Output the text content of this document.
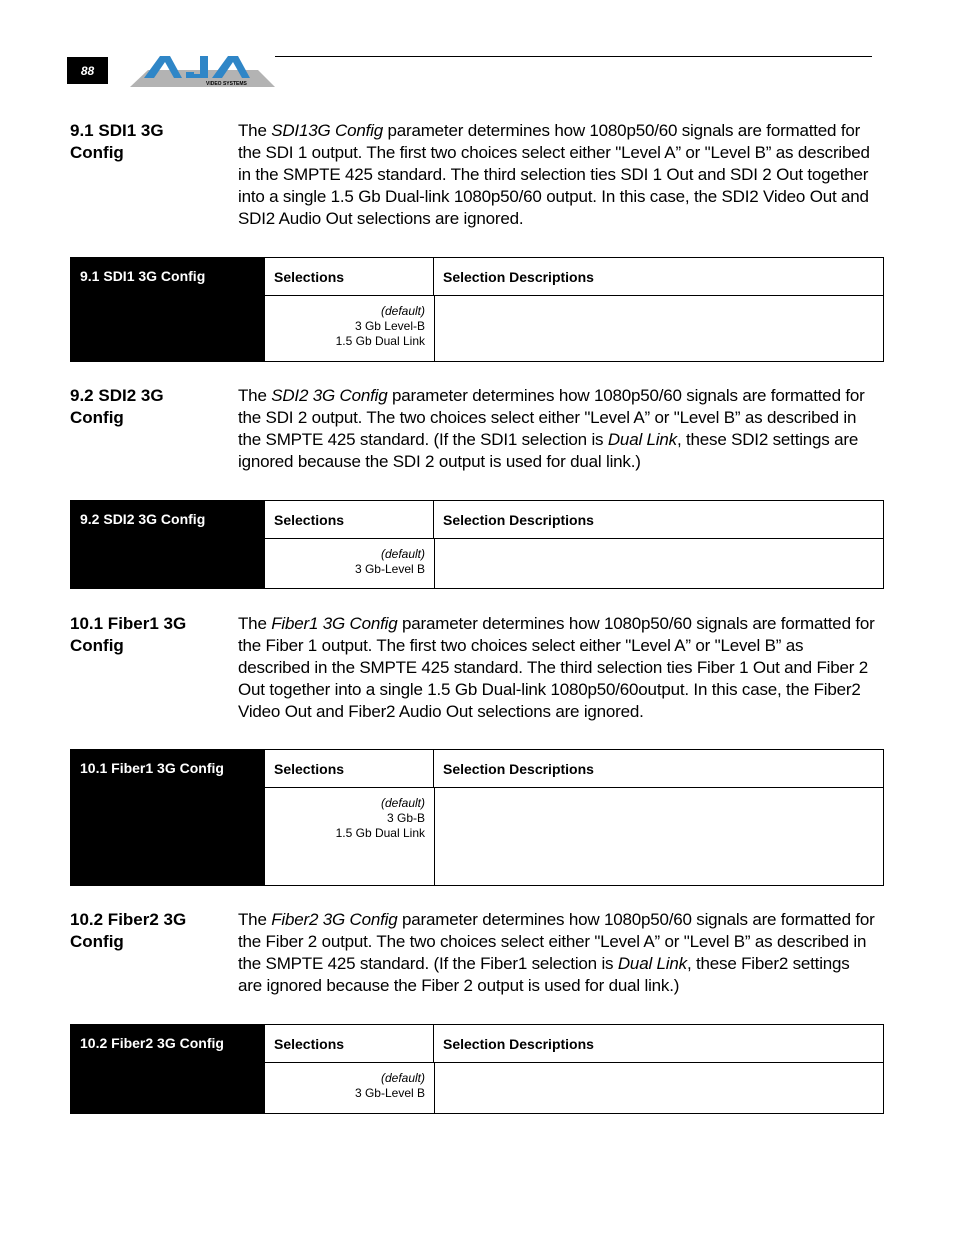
88
VIDEO SYSTEMS
9.1 SDI1 3G Config
The SDI13G Config parameter determines how 1080p50/60 signals are formatted for the SDI 1 output. The first two choices select either "Level A” or "Level B” as described in the SMPTE 425 standard. The third selection ties SDI 1 Out and SDI 2 Out together into a single 1.5 Gb Dual-link 1080p50/60 output. In this case, the SDI2 Video Out and SDI2 Audio Out selections are ignored.
9.1 SDI1 3G Config	Selections	Selection Descriptions
(default)
3 Gb Level-B
1.5 Gb Dual Link
9.2 SDI2 3G Config
The SDI2 3G Config parameter determines how 1080p50/60 signals are formatted for the SDI 2 output. The two choices select either "Level A” or "Level B” as described in the SMPTE 425 standard. (If the SDI1 selection is Dual Link, these SDI2 settings are ignored because the SDI 2 output is used for dual link.)
9.2 SDI2 3G Config	Selections	Selection Descriptions
(default)
3 Gb-Level B
10.1 Fiber1 3G Config
The Fiber1 3G Config parameter determines how 1080p50/60 signals are formatted for the Fiber 1 output. The first two choices select either "Level A” or "Level B” as described in the SMPTE 425 standard. The third selection ties Fiber 1 Out and Fiber 2 Out together into a single 1.5 Gb Dual-link 1080p50/60output. In this case, the Fiber2 Video Out and Fiber2 Audio Out selections are ignored.
10.1 Fiber1 3G Config	Selections	Selection Descriptions
(default)
3 Gb-B
1.5 Gb Dual Link
10.2 Fiber2 3G Config
The Fiber2 3G Config parameter determines how 1080p50/60 signals are formatted for the Fiber 2 output. The two choices select either "Level A” or "Level B” as described in the SMPTE 425 standard. (If the Fiber1 selection is Dual Link, these Fiber2 settings are ignored because the Fiber 2 output is used for dual link.)
10.2 Fiber2 3G Config	Selections	Selection Descriptions
(default)
3 Gb-Level B
